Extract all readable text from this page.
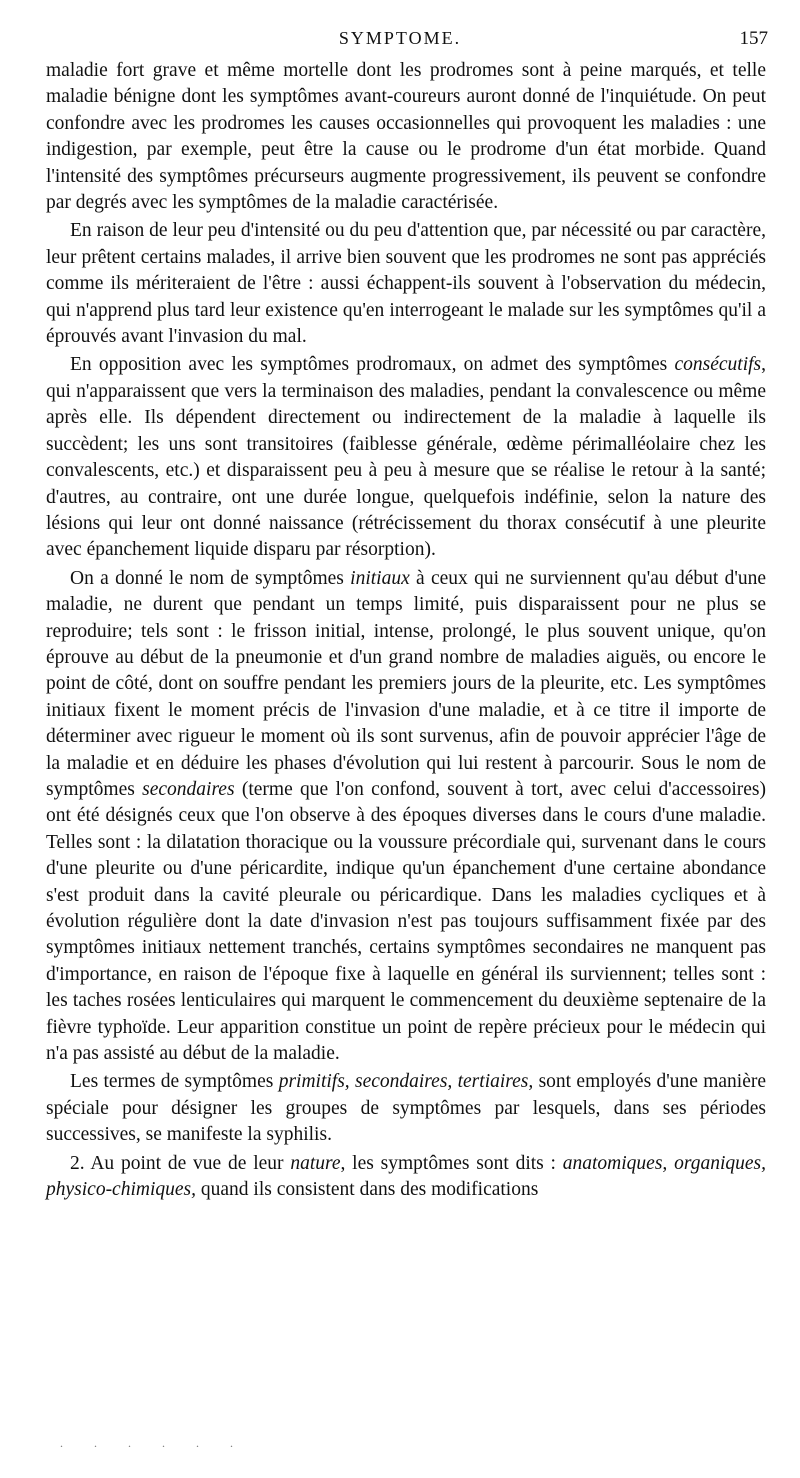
SYMPTOME.	157

maladie fort grave et même mortelle dont les prodromes sont à peine marqués, et telle maladie bénigne dont les symptômes avant-coureurs auront donné de l'inquiétude. On peut confondre avec les prodromes les causes occasionnelles qui provoquent les maladies : une indigestion, par exemple, peut être la cause ou le prodrome d'un état morbide. Quand l'intensité des symptômes précurseurs augmente progressivement, ils peuvent se confondre par degrés avec les symptômes de la maladie caractérisée.

En raison de leur peu d'intensité ou du peu d'attention que, par nécessité ou par caractère, leur prêtent certains malades, il arrive bien souvent que les prodromes ne sont pas appréciés comme ils mériteraient de l'être : aussi échappent-ils souvent à l'observation du médecin, qui n'apprend plus tard leur existence qu'en interrogeant le malade sur les symptômes qu'il a éprouvés avant l'invasion du mal.

En opposition avec les symptômes prodromaux, on admet des symptômes consécutifs, qui n'apparaissent que vers la terminaison des maladies, pendant la convalescence ou même après elle. Ils dépendent directement ou indirectement de la maladie à laquelle ils succèdent; les uns sont transitoires (faiblesse générale, œdème périmalléolaire chez les convalescents, etc.) et disparaissent peu à peu à mesure que se réalise le retour à la santé; d'autres, au contraire, ont une durée longue, quelquefois indéfinie, selon la nature des lésions qui leur ont donné naissance (rétrécissement du thorax consécutif à une pleurite avec épanchement liquide disparu par résorption).

On a donné le nom de symptômes initiaux à ceux qui ne surviennent qu'au début d'une maladie, ne durent que pendant un temps limité, puis disparaissent pour ne plus se reproduire; tels sont : le frisson initial, intense, prolongé, le plus souvent unique, qu'on éprouve au début de la pneumonie et d'un grand nombre de maladies aiguës, ou encore le point de côté, dont on souffre pendant les premiers jours de la pleurite, etc. Les symptômes initiaux fixent le moment précis de l'invasion d'une maladie, et à ce titre il importe de déterminer avec rigueur le moment où ils sont survenus, afin de pouvoir apprécier l'âge de la maladie et en déduire les phases d'évolution qui lui restent à parcourir. Sous le nom de symptômes secondaires (terme que l'on confond, souvent à tort, avec celui d'accessoires) ont été désignés ceux que l'on observe à des époques diverses dans le cours d'une maladie. Telles sont : la dilatation thoracique ou la voussure précordiale qui, survenant dans le cours d'une pleurite ou d'une péricardite, indique qu'un épanchement d'une certaine abondance s'est produit dans la cavité pleurale ou péricardique. Dans les maladies cycliques et à évolution régulière dont la date d'invasion n'est pas toujours suffisamment fixée par des symptômes initiaux nettement tranchés, certains symptômes secondaires ne manquent pas d'importance, en raison de l'époque fixe à laquelle en général ils surviennent; telles sont : les taches rosées lenticulaires qui marquent le commencement du deuxième septenaire de la fièvre typhoïde. Leur apparition constitue un point de repère précieux pour le médecin qui n'a pas assisté au début de la maladie.

Les termes de symptômes primitifs, secondaires, tertiaires, sont employés d'une manière spéciale pour désigner les groupes de symptômes par lesquels, dans ses périodes successives, se manifeste la syphilis.

2. Au point de vue de leur nature, les symptômes sont dits : anatomiques, organiques, physico-chimiques, quand ils consistent dans des modifications

. . . . . .
